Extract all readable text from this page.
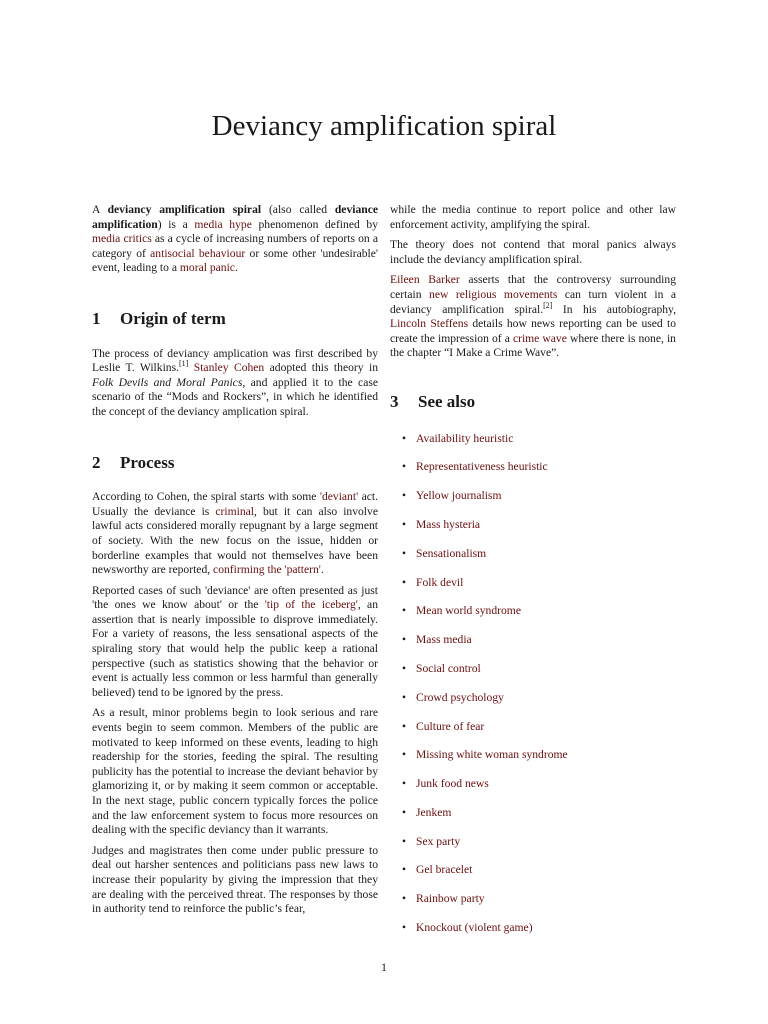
Deviancy amplification spiral

A deviancy amplification spiral (also called deviance amplification) is a media hype phenomenon defined by media critics as a cycle of increasing numbers of reports on a category of antisocial behaviour or some other 'undesirable' event, leading to a moral panic.

1 Origin of term

The process of deviancy amplication was first described by Leslie T. Wilkins.[1] Stanley Cohen adopted this theory in Folk Devils and Moral Panics, and applied it to the case scenario of the “Mods and Rockers”, in which he identified the concept of the deviancy amplication spiral.

2 Process

According to Cohen, the spiral starts with some 'deviant' act. Usually the deviance is criminal, but it can also involve lawful acts considered morally repugnant by a large segment of society. With the new focus on the issue, hidden or borderline examples that would not themselves have been newsworthy are reported, confirming the 'pattern'.

Reported cases of such 'deviance' are often presented as just 'the ones we know about' or the 'tip of the iceberg', an assertion that is nearly impossible to disprove immediately. For a variety of reasons, the less sensational aspects of the spiraling story that would help the public keep a rational perspective (such as statistics showing that the behavior or event is actually less common or less harmful than generally believed) tend to be ignored by the press.

As a result, minor problems begin to look serious and rare events begin to seem common. Members of the public are motivated to keep informed on these events, leading to high readership for the stories, feeding the spiral. The resulting publicity has the potential to increase the deviant behavior by glamorizing it, or by making it seem common or acceptable. In the next stage, public concern typically forces the police and the law enforcement system to focus more resources on dealing with the specific deviancy than it warrants.

Judges and magistrates then come under public pressure to deal out harsher sentences and politicians pass new laws to increase their popularity by giving the impression that they are dealing with the perceived threat. The responses by those in authority tend to reinforce the public’s fear,

while the media continue to report police and other law enforcement activity, amplifying the spiral.

The theory does not contend that moral panics always include the deviancy amplification spiral.

Eileen Barker asserts that the controversy surrounding certain new religious movements can turn violent in a deviancy amplification spiral.[2] In his autobiography, Lincoln Steffens details how news reporting can be used to create the impression of a crime wave where there is none, in the chapter “I Make a Crime Wave”.

3 See also
• Availability heuristic
• Representativeness heuristic
• Yellow journalism
• Mass hysteria
• Sensationalism
• Folk devil
• Mean world syndrome
• Mass media
• Social control
• Crowd psychology
• Culture of fear
• Missing white woman syndrome
• Junk food news
• Jenkem
• Sex party
• Gel bracelet
• Rainbow party
• Knockout (violent game)
1
